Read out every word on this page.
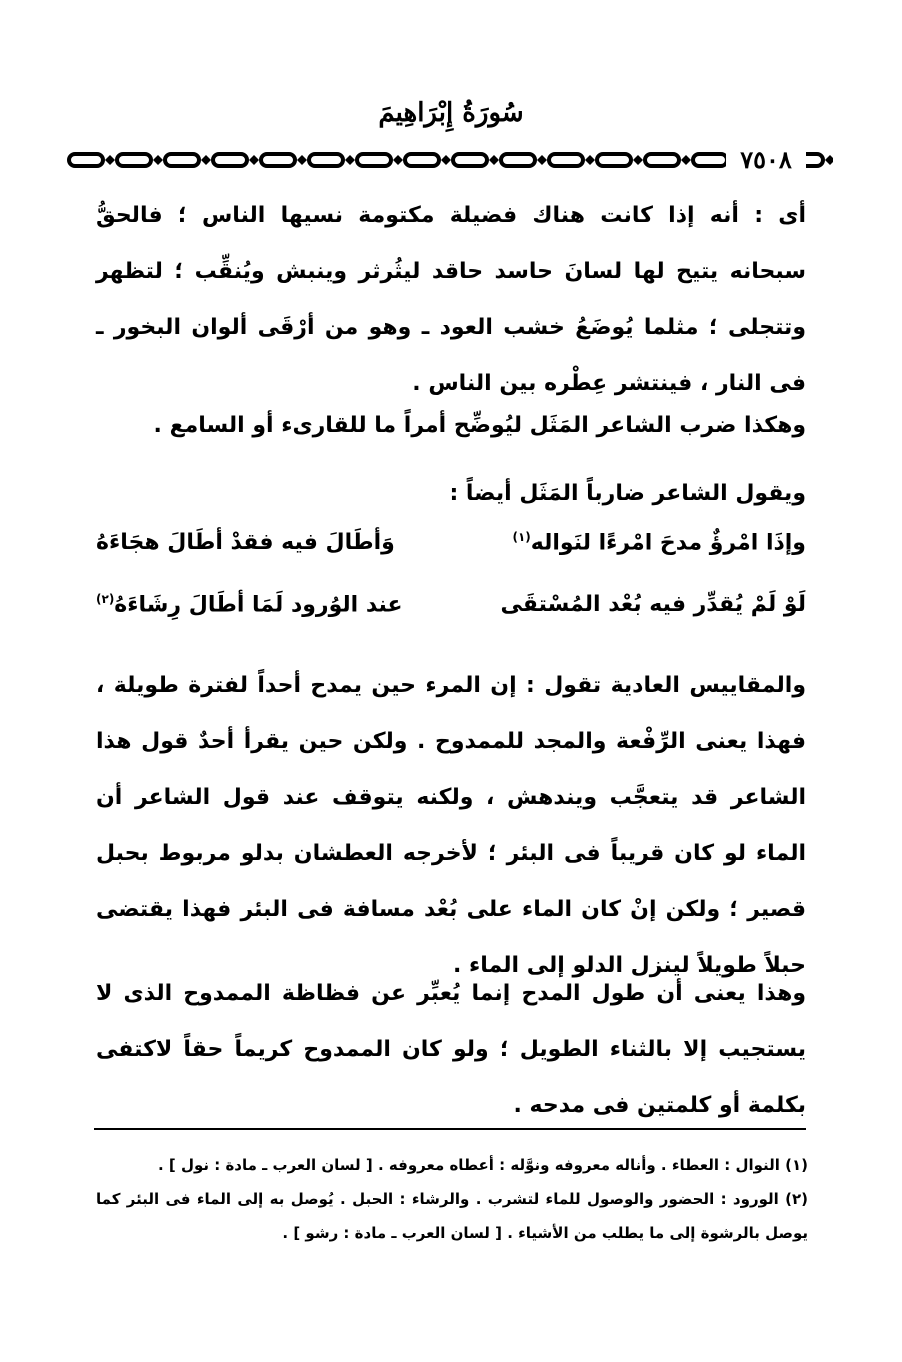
سُورَةُ إِبْرَاهِيمَ
٧٥٠٨
أى : أنه إذا كانت هناك فضيلة مكتومة نسيها الناس ؛ فالحقُّ سبحانه يتيح لها لسانَ حاسد حاقد ليثُرثر وينبش ويُنقِّب ؛ لتظهر وتتجلى ؛ مثلما يُوضَعُ خشب العود ـ وهو من أرْقَى ألوان البخور ـ فى النار ، فينتشر عِطْره بين الناس .
وهكذا ضرب الشاعر المَثَل ليُوضِّح أمراً ما للقارىء أو السامع .
ويقول الشاعر ضارباً المَثَل أيضاً :
وإذَا امْرؤٌ مدحَ امْرءًا لنَواله$^{(١)}$
وَأطَالَ فيه فقدْ أطَالَ هجَاءَهُ
لَوْ لَمْ يُقدِّر فيه بُعْد المُسْتقَى
عند الوُرود لَمَا أطَالَ رِشَاءَهُ$^{(٢)}$
والمقاييس العادية تقول : إن المرء حين يمدح أحداً لفترة طويلة ، فهذا يعنى الرِّفْعة والمجد للممدوح . ولكن حين يقرأ أحدٌ قول هذا الشاعر قد يتعجَّب ويندهش ، ولكنه يتوقف عند قول الشاعر أن الماء لو كان قريباً فى البئر ؛ لأخرجه العطشان بدلو مربوط بحبل قصير ؛ ولكن إنْ كان الماء على بُعْد مسافة فى البئر فهذا يقتضى حبلاً طويلاً لينزل الدلو إلى الماء .
وهذا يعنى أن طول المدح إنما يُعبِّر عن فظاظة الممدوح الذى لا يستجيب إلا بالثناء الطويل ؛ ولو كان الممدوح كريماً حقاً لاكتفى بكلمة أو كلمتين فى مدحه .
(١) النوال : العطاء . وأناله معروفه ونوَّله : أعطاه معروفه . [ لسان العرب ـ مادة : نول ] .
(٢) الورود : الحضور والوصول للماء لتشرب . والرشاء : الحبل . يُوصل به إلى الماء فى البئر كما يوصل بالرشوة إلى ما يطلب من الأشياء . [ لسان العرب ـ مادة : رشو ] .
